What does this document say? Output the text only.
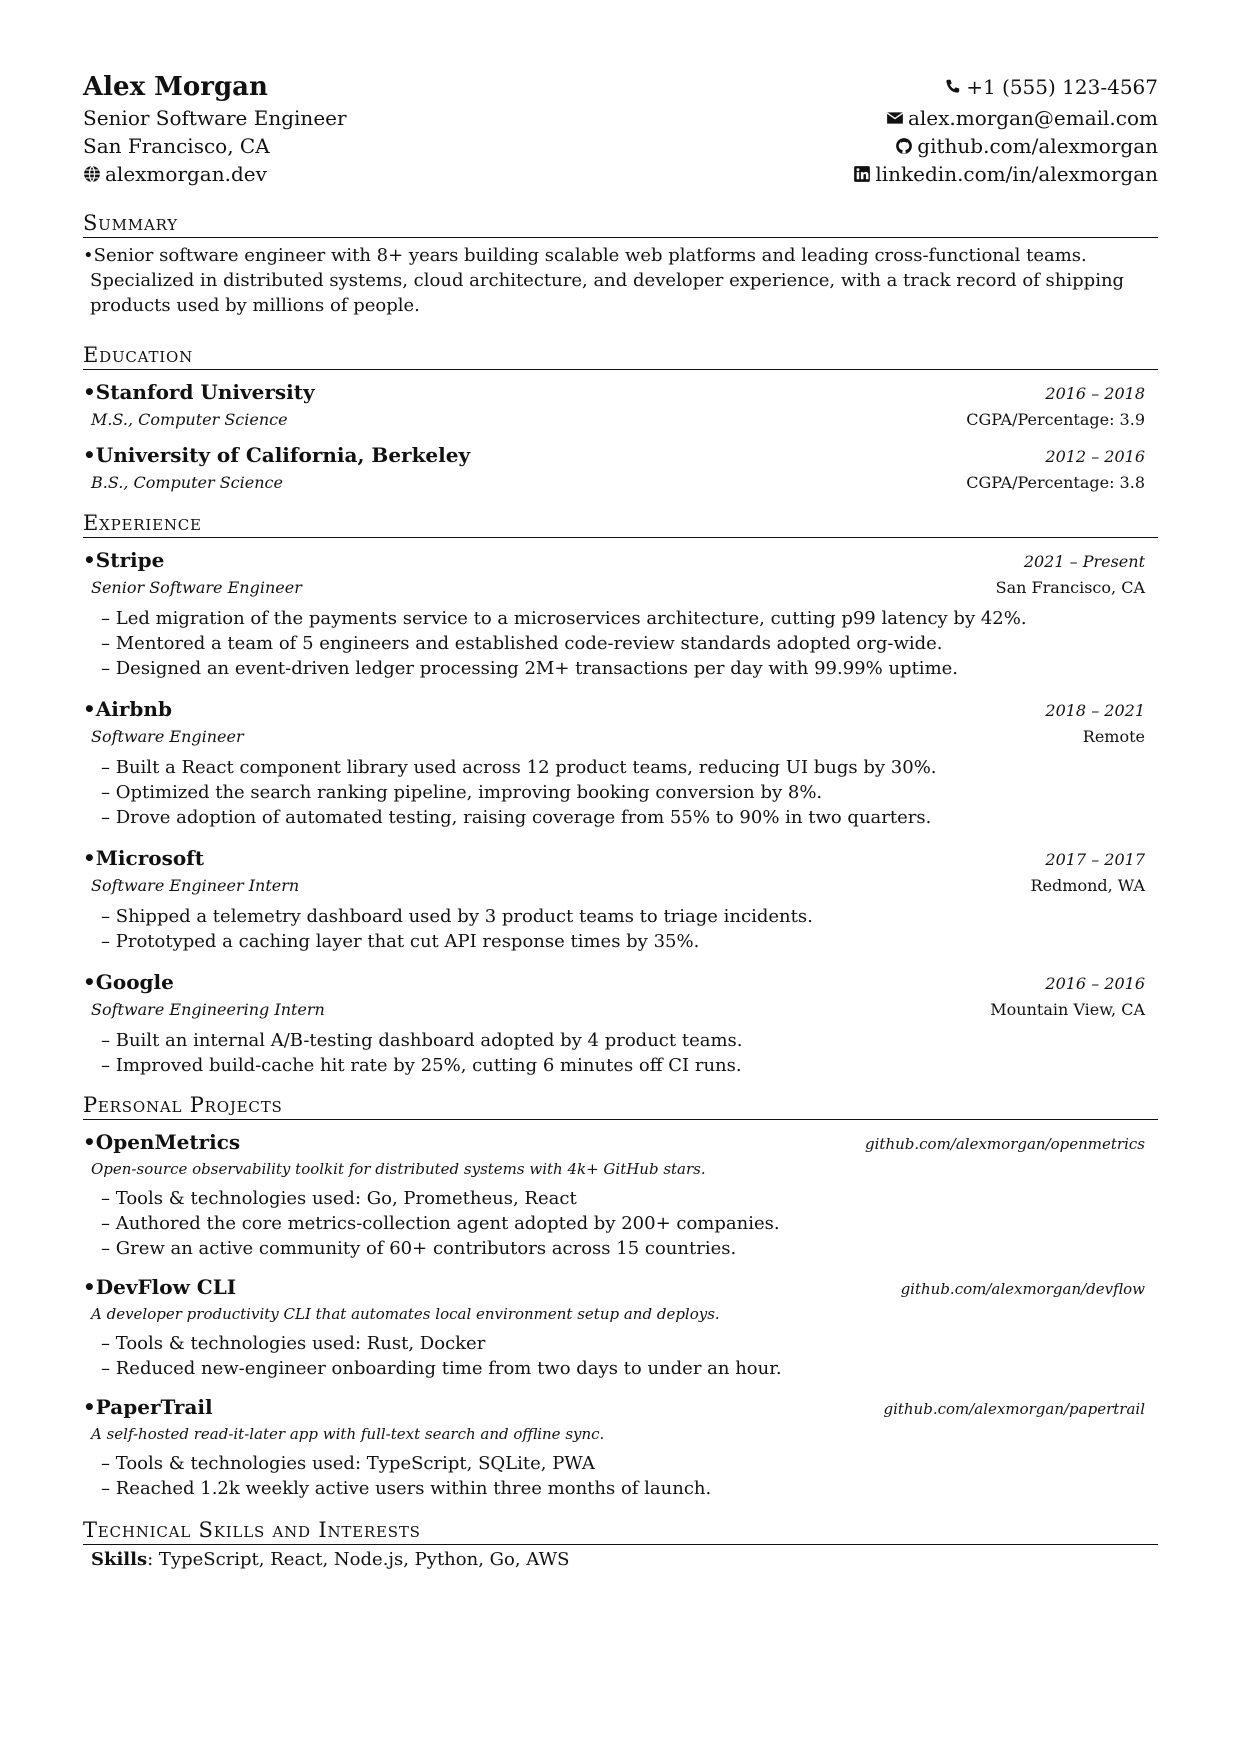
Alex Morgan
Senior Software Engineer
San Francisco, CA
alexmorgan.dev
+1 (555) 123-4567
alex.morgan@email.com
github.com/alexmorgan
linkedin.com/in/alexmorgan
Summary
•Senior software engineer with 8+ years building scalable web platforms and leading cross-functional teams. Specialized in distributed systems, cloud architecture, and developer experience, with a track record of shipping products used by millions of people.
Education
•Stanford University	2016 – 2018
M.S., Computer Science	CGPA/Percentage: 3.9
•University of California, Berkeley	2012 – 2016
B.S., Computer Science	CGPA/Percentage: 3.8
Experience
•Stripe	2021 – Present
Senior Software Engineer	San Francisco, CA
– Led migration of the payments service to a microservices architecture, cutting p99 latency by 42%.
– Mentored a team of 5 engineers and established code-review standards adopted org-wide.
– Designed an event-driven ledger processing 2M+ transactions per day with 99.99% uptime.
•Airbnb	2018 – 2021
Software Engineer	Remote
– Built a React component library used across 12 product teams, reducing UI bugs by 30%.
– Optimized the search ranking pipeline, improving booking conversion by 8%.
– Drove adoption of automated testing, raising coverage from 55% to 90% in two quarters.
•Microsoft	2017 – 2017
Software Engineer Intern	Redmond, WA
– Shipped a telemetry dashboard used by 3 product teams to triage incidents.
– Prototyped a caching layer that cut API response times by 35%.
•Google	2016 – 2016
Software Engineering Intern	Mountain View, CA
– Built an internal A/B-testing dashboard adopted by 4 product teams.
– Improved build-cache hit rate by 25%, cutting 6 minutes off CI runs.
Personal Projects
•OpenMetrics	github.com/alexmorgan/openmetrics
Open-source observability toolkit for distributed systems with 4k+ GitHub stars.
– Tools & technologies used: Go, Prometheus, React
– Authored the core metrics-collection agent adopted by 200+ companies.
– Grew an active community of 60+ contributors across 15 countries.
•DevFlow CLI	github.com/alexmorgan/devflow
A developer productivity CLI that automates local environment setup and deploys.
– Tools & technologies used: Rust, Docker
– Reduced new-engineer onboarding time from two days to under an hour.
•PaperTrail	github.com/alexmorgan/papertrail
A self-hosted read-it-later app with full-text search and offline sync.
– Tools & technologies used: TypeScript, SQLite, PWA
– Reached 1.2k weekly active users within three months of launch.
Technical Skills and Interests
Skills: TypeScript, React, Node.js, Python, Go, AWS
